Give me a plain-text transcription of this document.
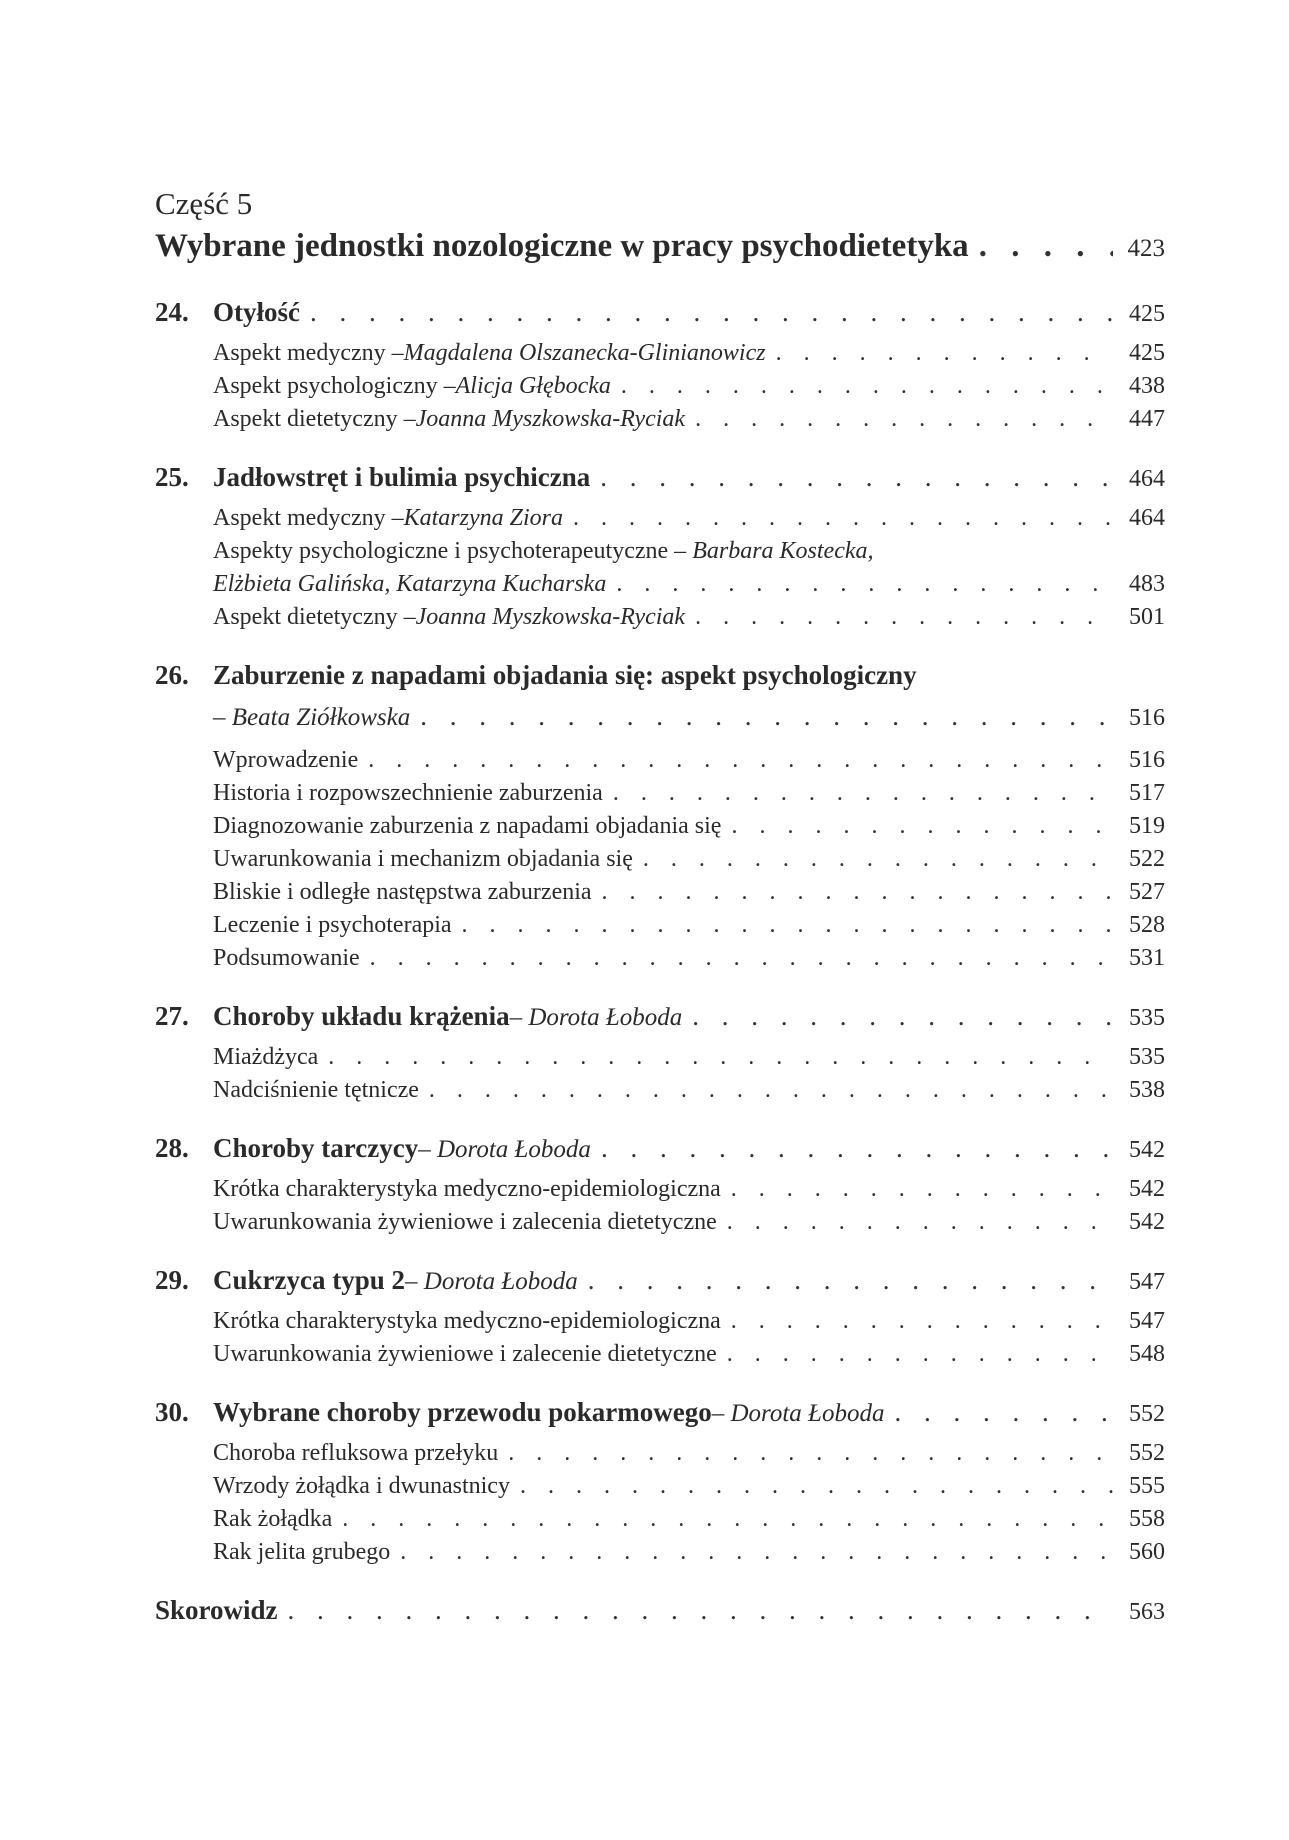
Część 5

Wybrane jednostki nozologiczne w pracy psychodietetyka . . .	423
24. Otyłość . . .	425
Aspekt medyczny – Magdalena Olszanecka-Glinianowicz . . .	425
Aspekt psychologiczny – Alicja Głębocka . . .	438
Aspekt dietetyczny – Joanna Myszkowska-Ryciak . . .	447
25. Jadłowstręt i bulimia psychiczna . . .	464
Aspekt medyczny – Katarzyna Ziora . . .	464
Aspekty psychologiczne i psychoterapeutyczne –
Barbara Kostecka,
Elżbieta Galińska, Katarzyna Kucharska . . .	483
Aspekt dietetyczny – Joanna Myszkowska-Ryciak . . .	501
26. Zaburzenie z napadami objadania się: aspekt psychologiczny
– Beata Ziółkowska . . .	516
Wprowadzenie . . .	516
Historia i rozpowszechnienie zaburzenia . . .	517
Diagnozowanie zaburzenia z napadami objadania się . . .	519
Uwarunkowania i mechanizm objadania się . . .	522
Bliskie i odległe następstwa zaburzenia . . .	527
Leczenie i psychoterapia . . .	528
Podsumowanie . . .	531
27. Choroby układu krążenia – Dorota Łoboda . . .	535
Miażdżyca . . .	535
Nadciśnienie tętnicze . . .	538
28. Choroby tarczycy – Dorota Łoboda . . .	542
Krótka charakterystyka medyczno-epidemiologiczna . . .	542
Uwarunkowania żywieniowe i zalecenia dietetyczne . . .	542
29. Cukrzyca typu 2 – Dorota Łoboda . . .	547
Krótka charakterystyka medyczno-epidemiologiczna . . .	547
Uwarunkowania żywieniowe i zalecenie dietetyczne . . .	548
30. Wybrane choroby przewodu pokarmowego – Dorota Łoboda . . .	552
Choroba refluksowa przełyku . . .	552
Wrzody żołądka i dwunastnicy . . .	555
Rak żołądka . . .	558
Rak jelita grubego . . .	560
Skorowidz . . .	563
